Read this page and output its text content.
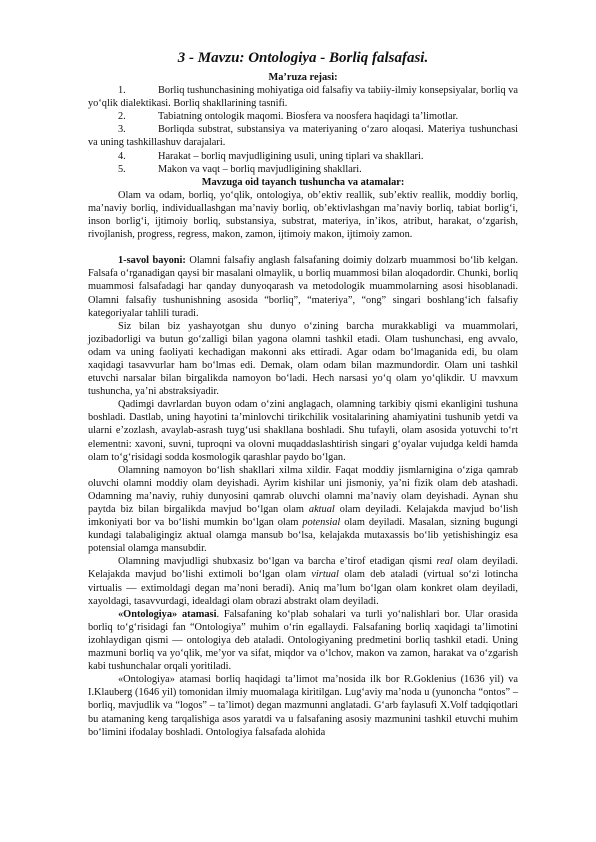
3 - Mavzu: Ontologiya - Borliq falsafasi.

Ma’ruza rejasi:

1.	Borliq tushunchasining mohiyatiga oid falsafiy va tabiiy-ilmiy konsepsiyalar, borliq va yo‘qlik dialektikasi. Borliq shakllarining tasnifi.

2.	Tabiatning ontologik maqomi. Biosfera va noosfera haqidagi ta’limotlar.

3.	Borliqda substrat, substansiya va materiyaning o‘zaro aloqasi. Materiya tushunchasi va uning tashkillashuv darajalari.

4.	Harakat – borliq mavjudligining usuli, uning tiplari va shakllari.

5.	Makon va vaqt – borliq mavjudligining shakllari.

Mavzuga oid tayanch tushuncha va atamalar:

Olam va odam, borliq, yo‘qlik, ontologiya, ob’ektiv reallik, sub’ektiv reallik, moddiy borliq, ma’naviy borliq, individuallashgan ma’naviy borliq, ob’ektivlashgan ma’naviy borliq, tabiat borlig‘i, inson borlig‘i, ijtimoiy borliq, substansiya, substrat, materiya, in’ikos, atribut, harakat, o‘zgarish, rivojlanish, progress, regress, makon, zamon, ijtimoiy makon, ijtimoiy zamon.

1-savol bayoni: Olamni falsafiy anglash falsafaning doimiy dolzarb muammosi bo‘lib kelgan. Falsafa o‘rganadigan qaysi bir masalani olmaylik, u borliq muammosi bilan aloqadordir. Chunki, borliq muammosi falsafadagi har qanday dunyoqarash va metodologik muammolarning asosi hisoblanadi. Olamni falsafiy tushunishning asosida “borliq”, “materiya”, “ong” singari boshlang‘ich falsafiy kategoriyalar tahlili turadi.

Siz bilan biz yashayotgan shu dunyo o‘zining barcha murakkabligi va muammolari, jozibadorligi va butun go‘zalligi bilan yagona olamni tashkil etadi. Olam tushunchasi, eng avvalo, odam va uning faoliyati kechadigan makonni aks ettiradi. Agar odam bo‘lmaganida edi, bu olam xaqidagi tasavvurlar ham bo‘lmas edi. Demak, olam odam bilan mazmundordir. Olam uni tashkil etuvchi narsalar bilan birgalikda namoyon bo‘ladi. Hech narsasi yo‘q olam yo‘qlikdir. U mavxum tushuncha, ya’ni abstraksiyadir.

Qadimgi davrlardan buyon odam o‘zini anglagach, olamning tarkibiy qismi ekanligini tushuna boshladi. Dastlab, uning hayotini ta’minlovchi tirikchilik vositalarining ahamiyatini tushunib yetdi va ularni e’zozlash, avaylab-asrash tuyg‘usi shakllana boshladi. Shu tufayli, olam asosida yotuvchi to‘rt elementni: xavoni, suvni, tuproqni va olovni muqaddaslashtirish singari g‘oyalar vujudga keldi hamda olam to‘g‘risidagi sodda kosmologik qarashlar paydo bo‘lgan.

Olamning namoyon bo‘lish shakllari xilma xildir. Faqat moddiy jismlarnigina o‘ziga qamrab oluvchi olamni moddiy olam deyishadi. Ayrim kishilar uni jismoniy, ya’ni fizik olam deb atashadi. Odamning ma’naviy, ruhiy dunyosini qamrab oluvchi olamni ma’naviy olam deyishadi. Aynan shu paytda biz bilan birgalikda mavjud bo‘lgan olam aktual olam deyiladi. Kelajakda mavjud bo‘lish imkoniyati bor va bo‘lishi mumkin bo‘lgan olam potensial olam deyiladi. Masalan, sizning bugungi kundagi talabaligingiz aktual olamga mansub bo‘lsa, kelajakda mutaxassis bo‘lib yetishishingiz esa potensial olamga mansubdir.

Olamning mavjudligi shubxasiz bo‘lgan va barcha e’tirof etadigan qismi real olam deyiladi. Kelajakda mavjud bo‘lishi extimoli bo‘lgan olam virtual olam deb ataladi (virtual so‘zi lotincha virtualis — extimoldagi degan ma’noni beradi). Aniq ma’lum bo‘lgan olam konkret olam deyiladi, xayoldagi, tasavvurdagi, idealdagi olam obrazi abstrakt olam deyiladi.

«Ontologiya» atamasi. Falsafaning ko‘plab sohalari va turli yo‘nalishlari bor. Ular orasida borliq to‘g‘risidagi fan “Ontologiya” muhim o‘rin egallaydi. Falsafaning borliq xaqidagi ta’limotini izohlaydigan qismi — ontologiya deb ataladi. Ontologiyaning predmetini borliq tashkil etadi. Uning mazmuni borliq va yo‘qlik, me’yor va sifat, miqdor va o‘lchov, makon va zamon, harakat va o‘zgarish kabi tushunchalar orqali yoritiladi.

«Ontologiya» atamasi borliq haqidagi ta’limot ma’nosida ilk bor R.Goklenius (1636 yil) va I.Klauberg (1646 yil) tomonidan ilmiy muomalaga kiritilgan. Lug‘aviy ma’noda u (yunoncha “ontos” – borliq, mavjudlik va “logos” – ta’limot) degan mazmunni anglatadi. G‘arb faylasufi X.Volf tadqiqotlari bu atamaning keng tarqalishiga asos yaratdi va u falsafaning asosiy mazmunini tashkil etuvchi muhim bo‘limini ifodalay boshladi. Ontologiya falsafada alohida
